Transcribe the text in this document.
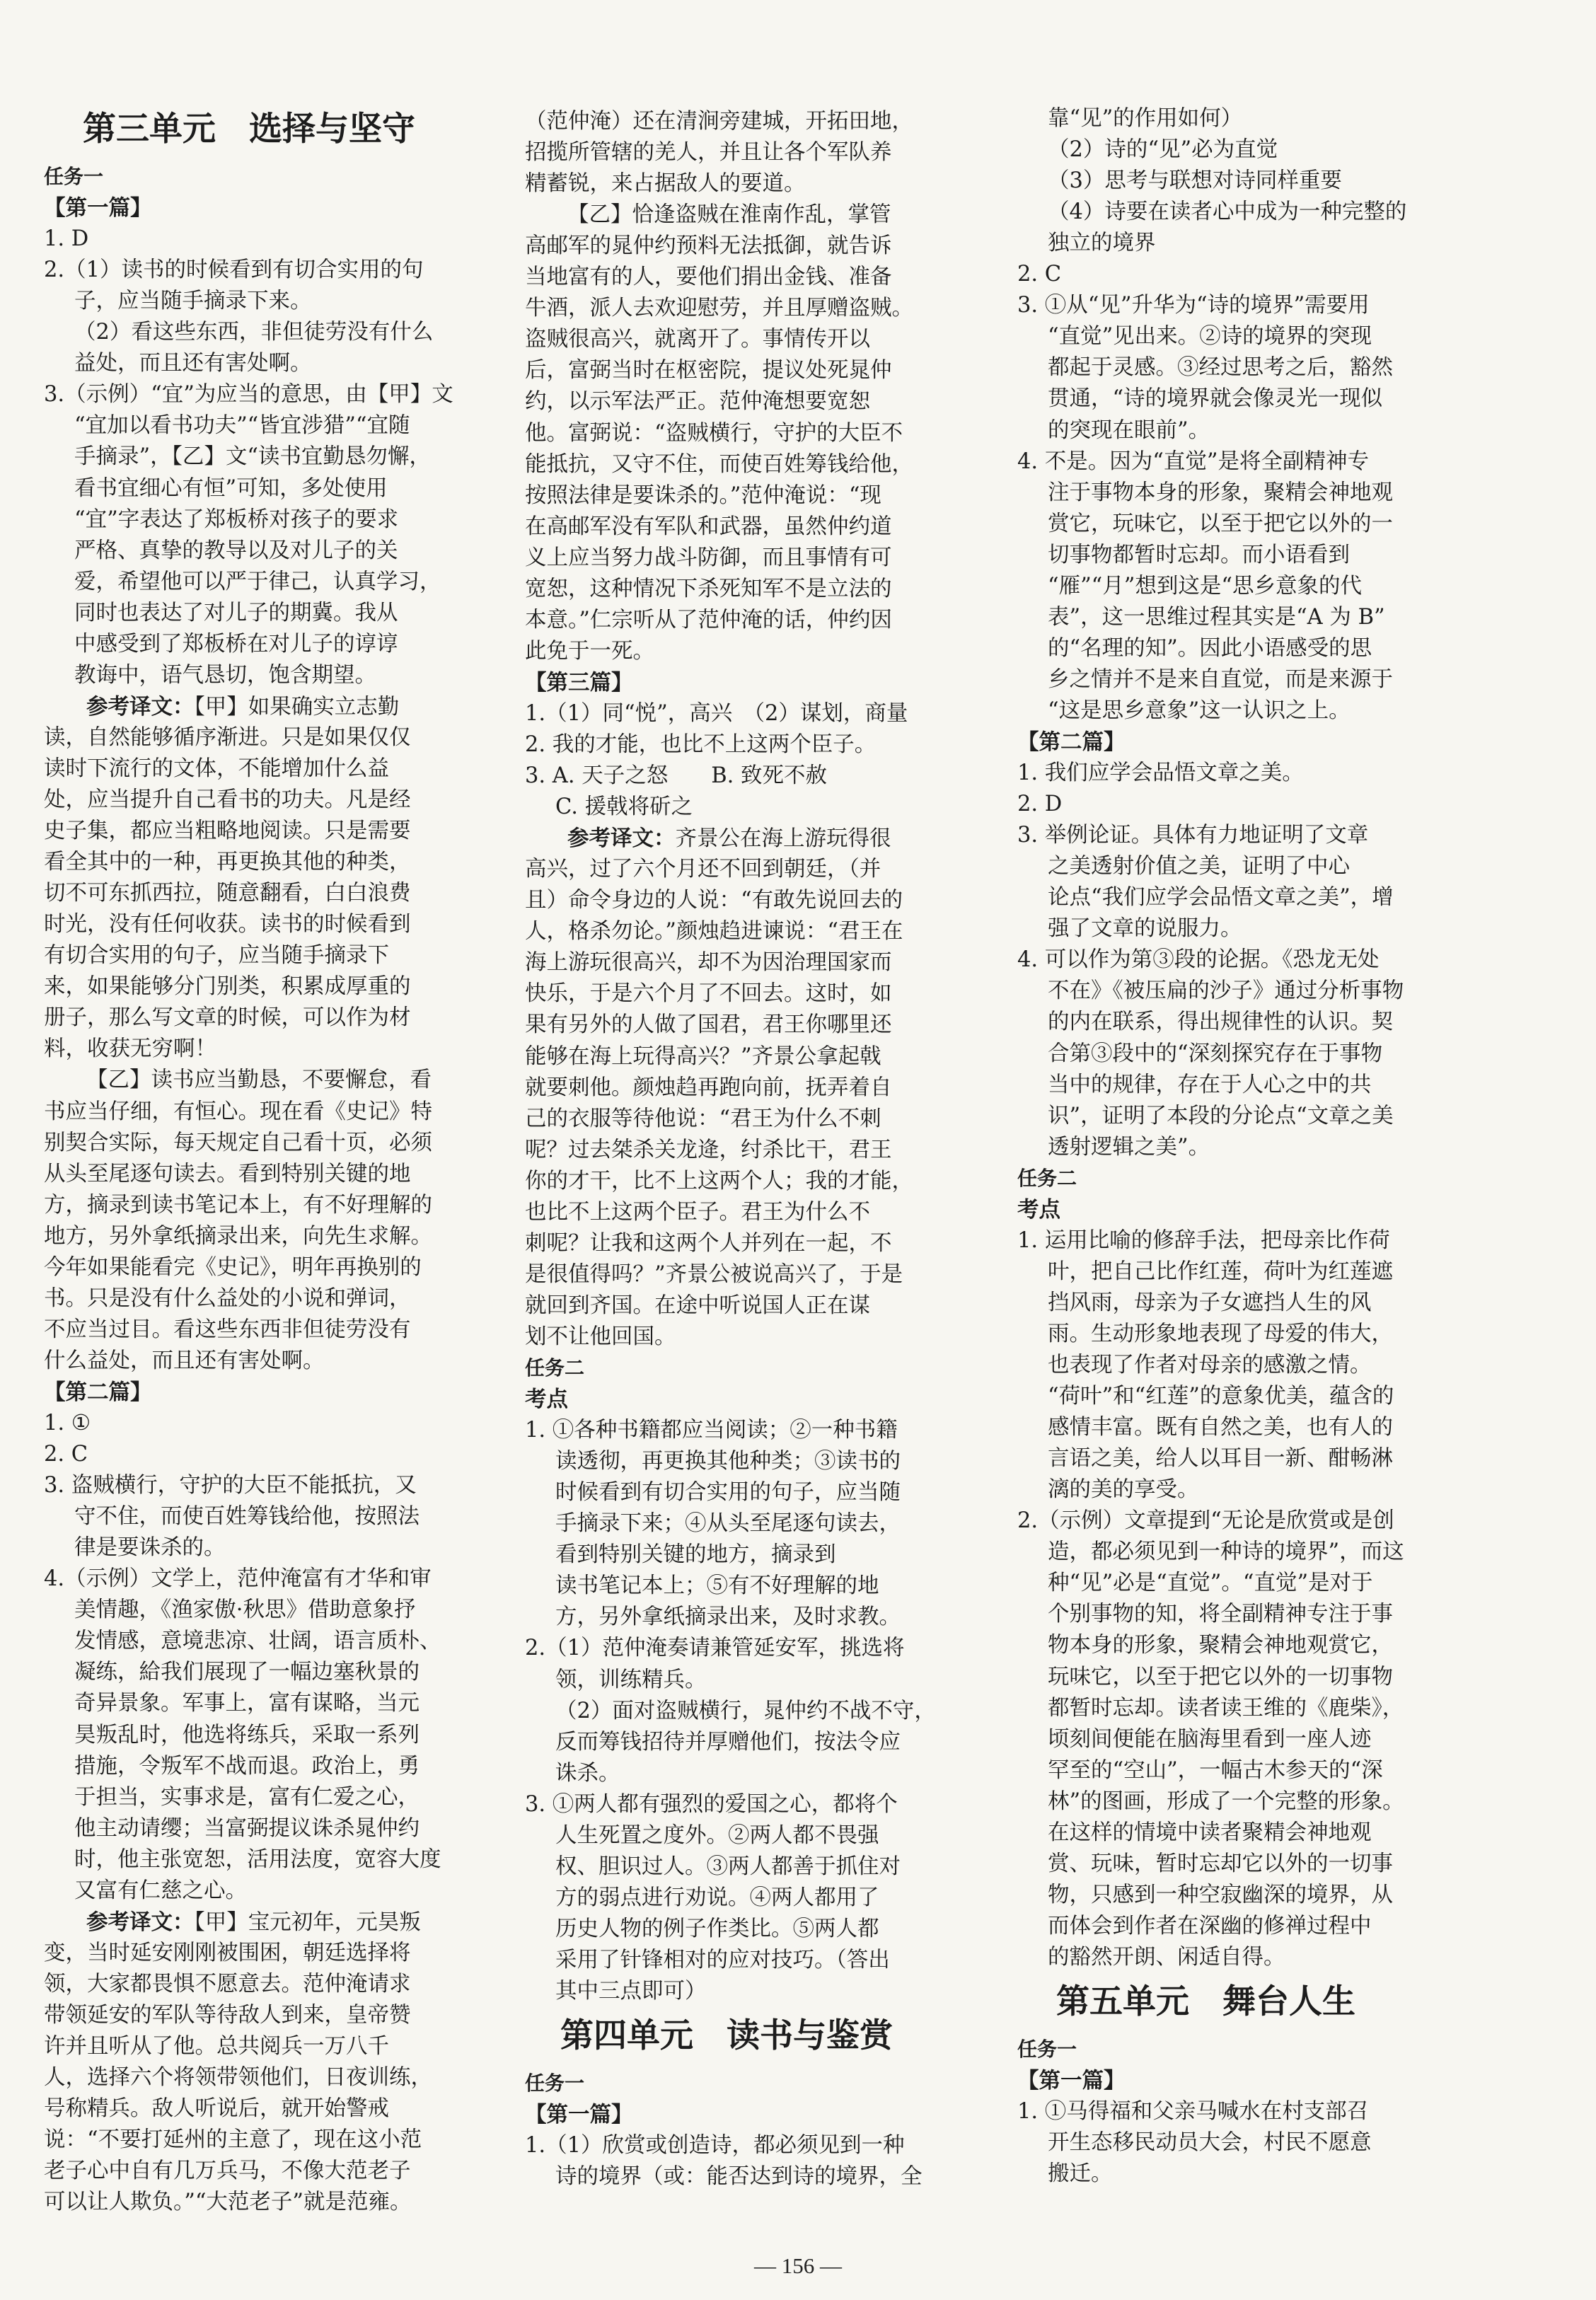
第三单元　选择与坚守
任务一
【第一篇】
1. D
2.（1）读书的时候看到有切合实用的句
子，应当随手摘录下来。
（2）看这些东西，非但徒劳没有什么
益处，而且还有害处啊。
3.（示例）“宜”为应当的意思，由【甲】文
“宜加以看书功夫”“皆宜涉猎”“宜随
手摘录”，【乙】文“读书宜勤恳勿懈，
看书宜细心有恒”可知，多处使用
“宜”字表达了郑板桥对孩子的要求
严格、真挚的教导以及对儿子的关
爱，希望他可以严于律己，认真学习，
同时也表达了对儿子的期冀。我从
中感受到了郑板桥在对儿子的谆谆
教诲中，语气恳切，饱含期望。
参考译文：【甲】如果确实立志勤
读，自然能够循序渐进。只是如果仅仅
读时下流行的文体，不能增加什么益
处，应当提升自己看书的功夫。凡是经
史子集，都应当粗略地阅读。只是需要
看全其中的一种，再更换其他的种类，
切不可东抓西拉，随意翻看，白白浪费
时光，没有任何收获。读书的时候看到
有切合实用的句子，应当随手摘录下
来，如果能够分门别类，积累成厚重的
册子，那么写文章的时候，可以作为材
料，收获无穷啊！
【乙】读书应当勤恳，不要懈怠，看
书应当仔细，有恒心。现在看《史记》特
别契合实际，每天规定自己看十页，必须
从头至尾逐句读去。看到特别关键的地
方，摘录到读书笔记本上，有不好理解的
地方，另外拿纸摘录出来，向先生求解。
今年如果能看完《史记》，明年再换别的
书。只是没有什么益处的小说和弹词，
不应当过目。看这些东西非但徒劳没有
什么益处，而且还有害处啊。
【第二篇】
1. ①
2. C
3. 盗贼横行，守护的大臣不能抵抗，又
守不住，而使百姓筹钱给他，按照法
律是要诛杀的。
4.（示例）文学上，范仲淹富有才华和审
美情趣，《渔家傲·秋思》借助意象抒
发情感，意境悲凉、壮阔，语言质朴、
凝练，給我们展现了一幅边塞秋景的
奇异景象。军事上，富有谋略，当元
昊叛乱时，他选将练兵，采取一系列
措施，令叛军不战而退。政治上，勇
于担当，实事求是，富有仁爱之心，
他主动请缨；当富弼提议诛杀晁仲约
时，他主张宽恕，活用法度，宽容大度
又富有仁慈之心。
参考译文：【甲】宝元初年，元昊叛
变，当时延安刚刚被围困，朝廷选择将
领，大家都畏惧不愿意去。范仲淹请求
带领延安的军队等待敌人到来，皇帝赞
许并且听从了他。总共阅兵一万八千
人，选择六个将领带领他们，日夜训练，
号称精兵。敌人听说后，就开始警戒
说：“不要打延州的主意了，现在这小范
老子心中自有几万兵马，不像大范老子
可以让人欺负。”“大范老子”就是范雍。
（范仲淹）还在清涧旁建城，开拓田地，
招揽所管辖的羌人，并且让各个军队养
精蓄锐，来占据敌人的要道。
【乙】恰逢盗贼在淮南作乱，掌管
高邮军的晁仲约预料无法抵御，就告诉
当地富有的人，要他们捐出金钱、准备
牛酒，派人去欢迎慰劳，并且厚赠盗贼。
盗贼很高兴，就离开了。事情传开以
后，富弼当时在枢密院，提议处死晁仲
约，以示军法严正。范仲淹想要宽恕
他。富弼说：“盗贼横行，守护的大臣不
能抵抗，又守不住，而使百姓筹钱给他，
按照法律是要诛杀的。”范仲淹说：“现
在高邮军没有军队和武器，虽然仲约道
义上应当努力战斗防御，而且事情有可
宽恕，这种情况下杀死知军不是立法的
本意。”仁宗听从了范仲淹的话，仲约因
此免于一死。
【第三篇】
1.（1）同“悦”，高兴　（2）谋划，商量
2. 我的才能，也比不上这两个臣子。
3. A. 天子之怒　　B. 致死不赦
C. 援戟将斫之
参考译文：齐景公在海上游玩得很
高兴，过了六个月还不回到朝廷，（并
且）命令身边的人说：“有敢先说回去的
人，格杀勿论。”颜烛趋进谏说：“君王在
海上游玩很高兴，却不为因治理国家而
快乐，于是六个月了不回去。这时，如
果有另外的人做了国君，君王你哪里还
能够在海上玩得高兴？”齐景公拿起戟
就要刺他。颜烛趋再跑向前，抚弄着自
己的衣服等待他说：“君王为什么不刺
呢？过去桀杀关龙逄，纣杀比干，君王
你的才干，比不上这两个人；我的才能，
也比不上这两个臣子。君王为什么不
刺呢？让我和这两个人并列在一起，不
是很值得吗？”齐景公被说高兴了，于是
就回到齐国。在途中听说国人正在谋
划不让他回国。
任务二
考点
1. ①各种书籍都应当阅读；②一种书籍
读透彻，再更换其他种类；③读书的
时候看到有切合实用的句子，应当随
手摘录下来；④从头至尾逐句读去，
看到特别关键的地方，摘录到
读书笔记本上；⑤有不好理解的地
方，另外拿纸摘录出来，及时求教。
2.（1）范仲淹奏请兼管延安军，挑选将
领，训练精兵。
（2）面对盗贼横行，晁仲约不战不守，
反而筹钱招待并厚赠他们，按法令应
诛杀。
3. ①两人都有强烈的爱国之心，都将个
人生死置之度外。②两人都不畏强
权、胆识过人。③两人都善于抓住对
方的弱点进行劝说。④两人都用了
历史人物的例子作类比。⑤两人都
采用了针锋相对的应对技巧。（答出
其中三点即可）
第四单元　读书与鉴赏
任务一
【第一篇】
1.（1）欣赏或创造诗，都必须见到一种
诗的境界（或：能否达到诗的境界，全
靠“见”的作用如何）
（2）诗的“见”必为直觉
（3）思考与联想对诗同样重要
（4）诗要在读者心中成为一种完整的
独立的境界
2. C
3. ①从“见”升华为“诗的境界”需要用
“直觉”见出来。②诗的境界的突现
都起于灵感。③经过思考之后，豁然
贯通，“诗的境界就会像灵光一现似
的突现在眼前”。
4. 不是。因为“直觉”是将全副精神专
注于事物本身的形象，聚精会神地观
赏它，玩味它，以至于把它以外的一
切事物都暂时忘却。而小语看到
“雁”“月”想到这是“思乡意象的代
表”，这一思维过程其实是“A 为 B”
的“名理的知”。因此小语感受的思
乡之情并不是来自直觉，而是来源于
“这是思乡意象”这一认识之上。
【第二篇】
1. 我们应学会品悟文章之美。
2. D
3. 举例论证。具体有力地证明了文章
之美透射价值之美，证明了中心
论点“我们应学会品悟文章之美”，增
强了文章的说服力。
4. 可以作为第③段的论据。《恐龙无处
不在》《被压扁的沙子》通过分析事物
的内在联系，得出规律性的认识。契
合第③段中的“深刻探究存在于事物
当中的规律，存在于人心之中的共
识”，证明了本段的分论点“文章之美
透射逻辑之美”。
任务二
考点
1. 运用比喻的修辞手法，把母亲比作荷
叶，把自己比作红莲，荷叶为红莲遮
挡风雨，母亲为子女遮挡人生的风
雨。生动形象地表现了母爱的伟大，
也表现了作者对母亲的感激之情。
“荷叶”和“红莲”的意象优美，蕴含的
感情丰富。既有自然之美，也有人的
言语之美，给人以耳目一新、酣畅淋
漓的美的享受。
2.（示例）文章提到“无论是欣赏或是创
造，都必须见到一种诗的境界”，而这
种“见”必是“直觉”。“直觉”是对于
个别事物的知，将全副精神专注于事
物本身的形象，聚精会神地观赏它，
玩味它，以至于把它以外的一切事物
都暂时忘却。读者读王维的《鹿柴》，
顷刻间便能在脑海里看到一座人迹
罕至的“空山”，一幅古木参天的“深
林”的图画，形成了一个完整的形象。
在这样的情境中读者聚精会神地观
赏、玩味，暂时忘却它以外的一切事
物，只感到一种空寂幽深的境界，从
而体会到作者在深幽的修禅过程中
的豁然开朗、闲适自得。
第五单元　舞台人生
任务一
【第一篇】
1. ①马得福和父亲马喊水在村支部召
开生态移民动员大会，村民不愿意
搬迁。
— 156 —
